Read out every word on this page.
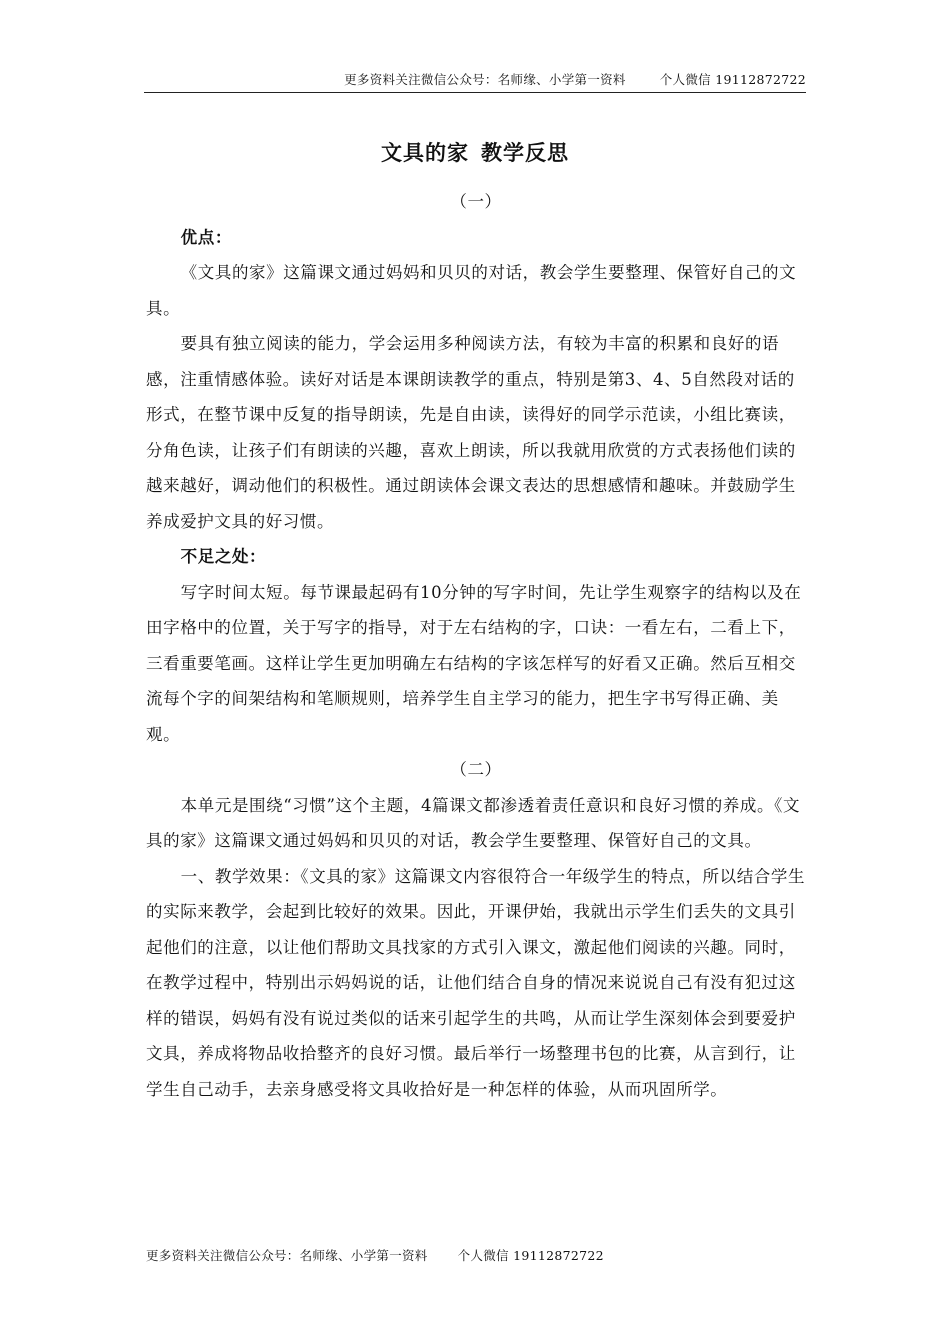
更多资料关注微信公众号：名师缘、小学第一资料	个人微信 19112872722
文具的家 教学反思

（一）

优点：

《文具的家》这篇课文通过妈妈和贝贝的对话，教会学生要整理、保管好自己的文具。

要具有独立阅读的能力，学会运用多种阅读方法，有较为丰富的积累和良好的语感，注重情感体验。读好对话是本课朗读教学的重点，特别是第3、4、5自然段对话的形式，在整节课中反复的指导朗读，先是自由读，读得好的同学示范读，小组比赛读，分角色读，让孩子们有朗读的兴趣，喜欢上朗读，所以我就用欣赏的方式表扬他们读的越来越好，调动他们的积极性。通过朗读体会课文表达的思想感情和趣味。并鼓励学生养成爱护文具的好习惯。

不足之处：

写字时间太短。每节课最起码有10分钟的写字时间，先让学生观察字的结构以及在田字格中的位置，关于写字的指导，对于左右结构的字，口诀：一看左右，二看上下，三看重要笔画。这样让学生更加明确左右结构的字该怎样写的好看又正确。然后互相交流每个字的间架结构和笔顺规则，培养学生自主学习的能力，把生字书写得正确、美观。

（二）

本单元是围绕“习惯”这个主题，4篇课文都渗透着责任意识和良好习惯的养成。《文具的家》这篇课文通过妈妈和贝贝的对话，教会学生要整理、保管好自己的文具。

一、教学效果：《文具的家》这篇课文内容很符合一年级学生的特点，所以结合学生的实际来教学，会起到比较好的效果。因此，开课伊始，我就出示学生们丢失的文具引起他们的注意，以让他们帮助文具找家的方式引入课文，激起他们阅读的兴趣。同时，在教学过程中，特别出示妈妈说的话，让他们结合自身的情况来说说自己有没有犯过这样的错误，妈妈有没有说过类似的话来引起学生的共鸣，从而让学生深刻体会到要爱护文具，养成将物品收拾整齐的良好习惯。最后举行一场整理书包的比赛，从言到行，让学生自己动手，去亲身感受将文具收拾好是一种怎样的体验，从而巩固所学。

更多资料关注微信公众号：名师缘、小学第一资料 个人微信 19112872722
